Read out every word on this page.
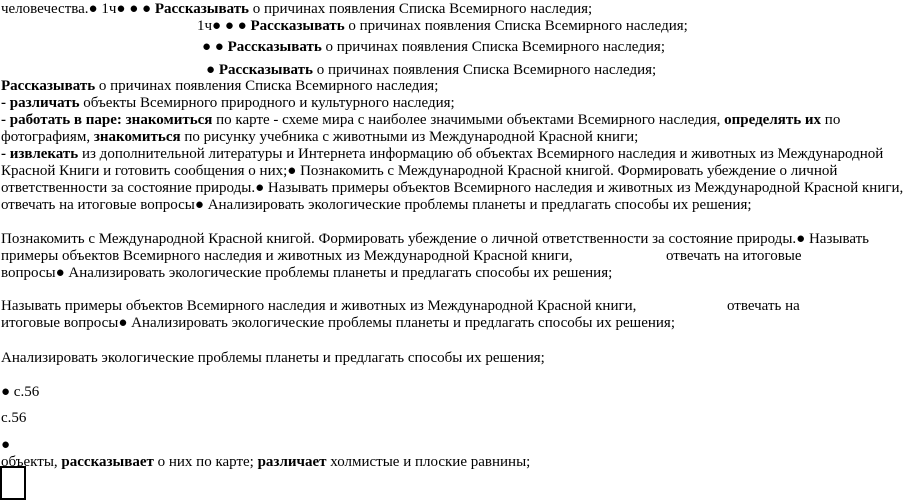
человечества.● 1ч● ● ● Рассказывать о причинах появления Списка Всемирного наследия;
1ч● ● ● Рассказывать о причинах появления Списка Всемирного наследия;
● ● Рассказывать о причинах появления Списка Всемирного наследия;
● Рассказывать о причинах появления Списка Всемирного наследия;
Рассказывать о причинах появления Списка Всемирного наследия;
- различать объекты Всемирного природного и культурного наследия;
- работать в паре: знакомиться по карте - схеме мира с наиболее значимыми объектами Всемирного наследия, определять их по
фотографиям, знакомиться по рисунку учебника с животными из Международной Красной книги;
- извлекать из дополнительной литературы и Интернета информацию об объектах Всемирного наследия и животных из Международной
Красной Книги и готовить сообщения о них;● Познакомить с Международной Красной книгой. Формировать убеждение о личной
ответственности за состояние природы.● Называть примеры объектов Всемирного наследия и животных из Международной Красной книги,
отвечать на итоговые вопросы● Анализировать экологические проблемы планеты и предлагать способы их решения;
Познакомить с Международной Красной книгой. Формировать убеждение о личной ответственности за состояние природы.● Называть
примеры объектов Всемирного наследия и животных из Международной Красной книги,	отвечать на итоговые
вопросы● Анализировать экологические проблемы планеты и предлагать способы их решения;
Называть примеры объектов Всемирного наследия и животных из Международной Красной книги,	отвечать на
итоговые вопросы● Анализировать экологические проблемы планеты и предлагать способы их решения;
Анализировать экологические проблемы планеты и предлагать способы их решения;
● с.56
с.56
●
объекты, рассказывает о них по карте; различает холмистые и плоские равнины;
